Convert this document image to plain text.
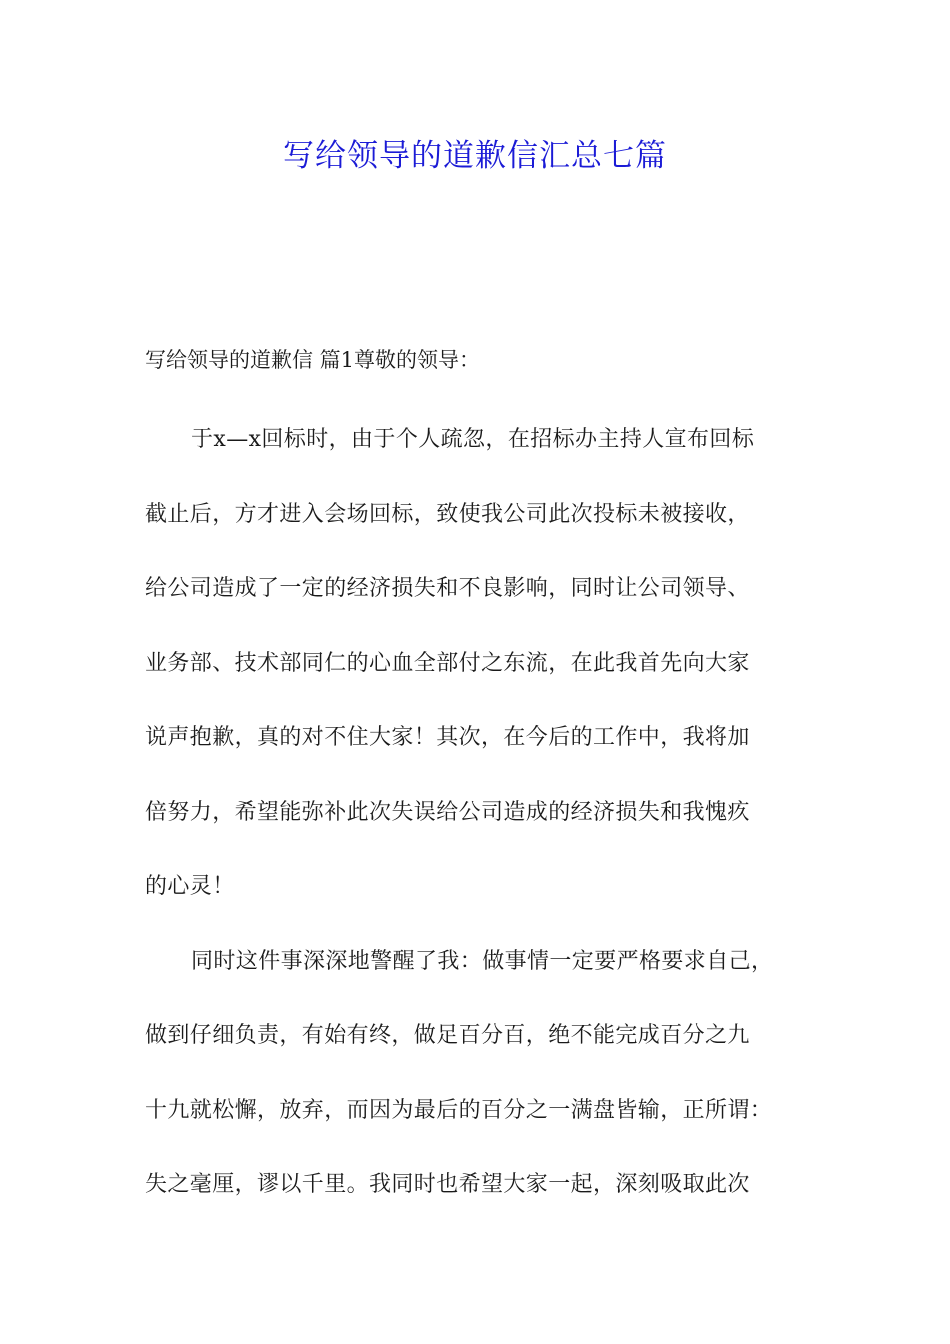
写给领导的道歉信汇总七篇

写给领导的道歉信 篇1尊敬的领导：

于x—x回标时，由于个人疏忽，在招标办主持人宣布回标

截止后，方才进入会场回标，致使我公司此次投标未被接收，

给公司造成了一定的经济损失和不良影响，同时让公司领导、

业务部、技术部同仁的心血全部付之东流，在此我首先向大家

说声抱歉，真的对不住大家！其次，在今后的工作中，我将加

倍努力，希望能弥补此次失误给公司造成的经济损失和我愧疚

的心灵！

同时这件事深深地警醒了我：做事情一定要严格要求自己，

做到仔细负责，有始有终，做足百分百，绝不能完成百分之九

十九就松懈，放弃，而因为最后的百分之一满盘皆输，正所谓：

失之毫厘，谬以千里。我同时也希望大家一起，深刻吸取此次
